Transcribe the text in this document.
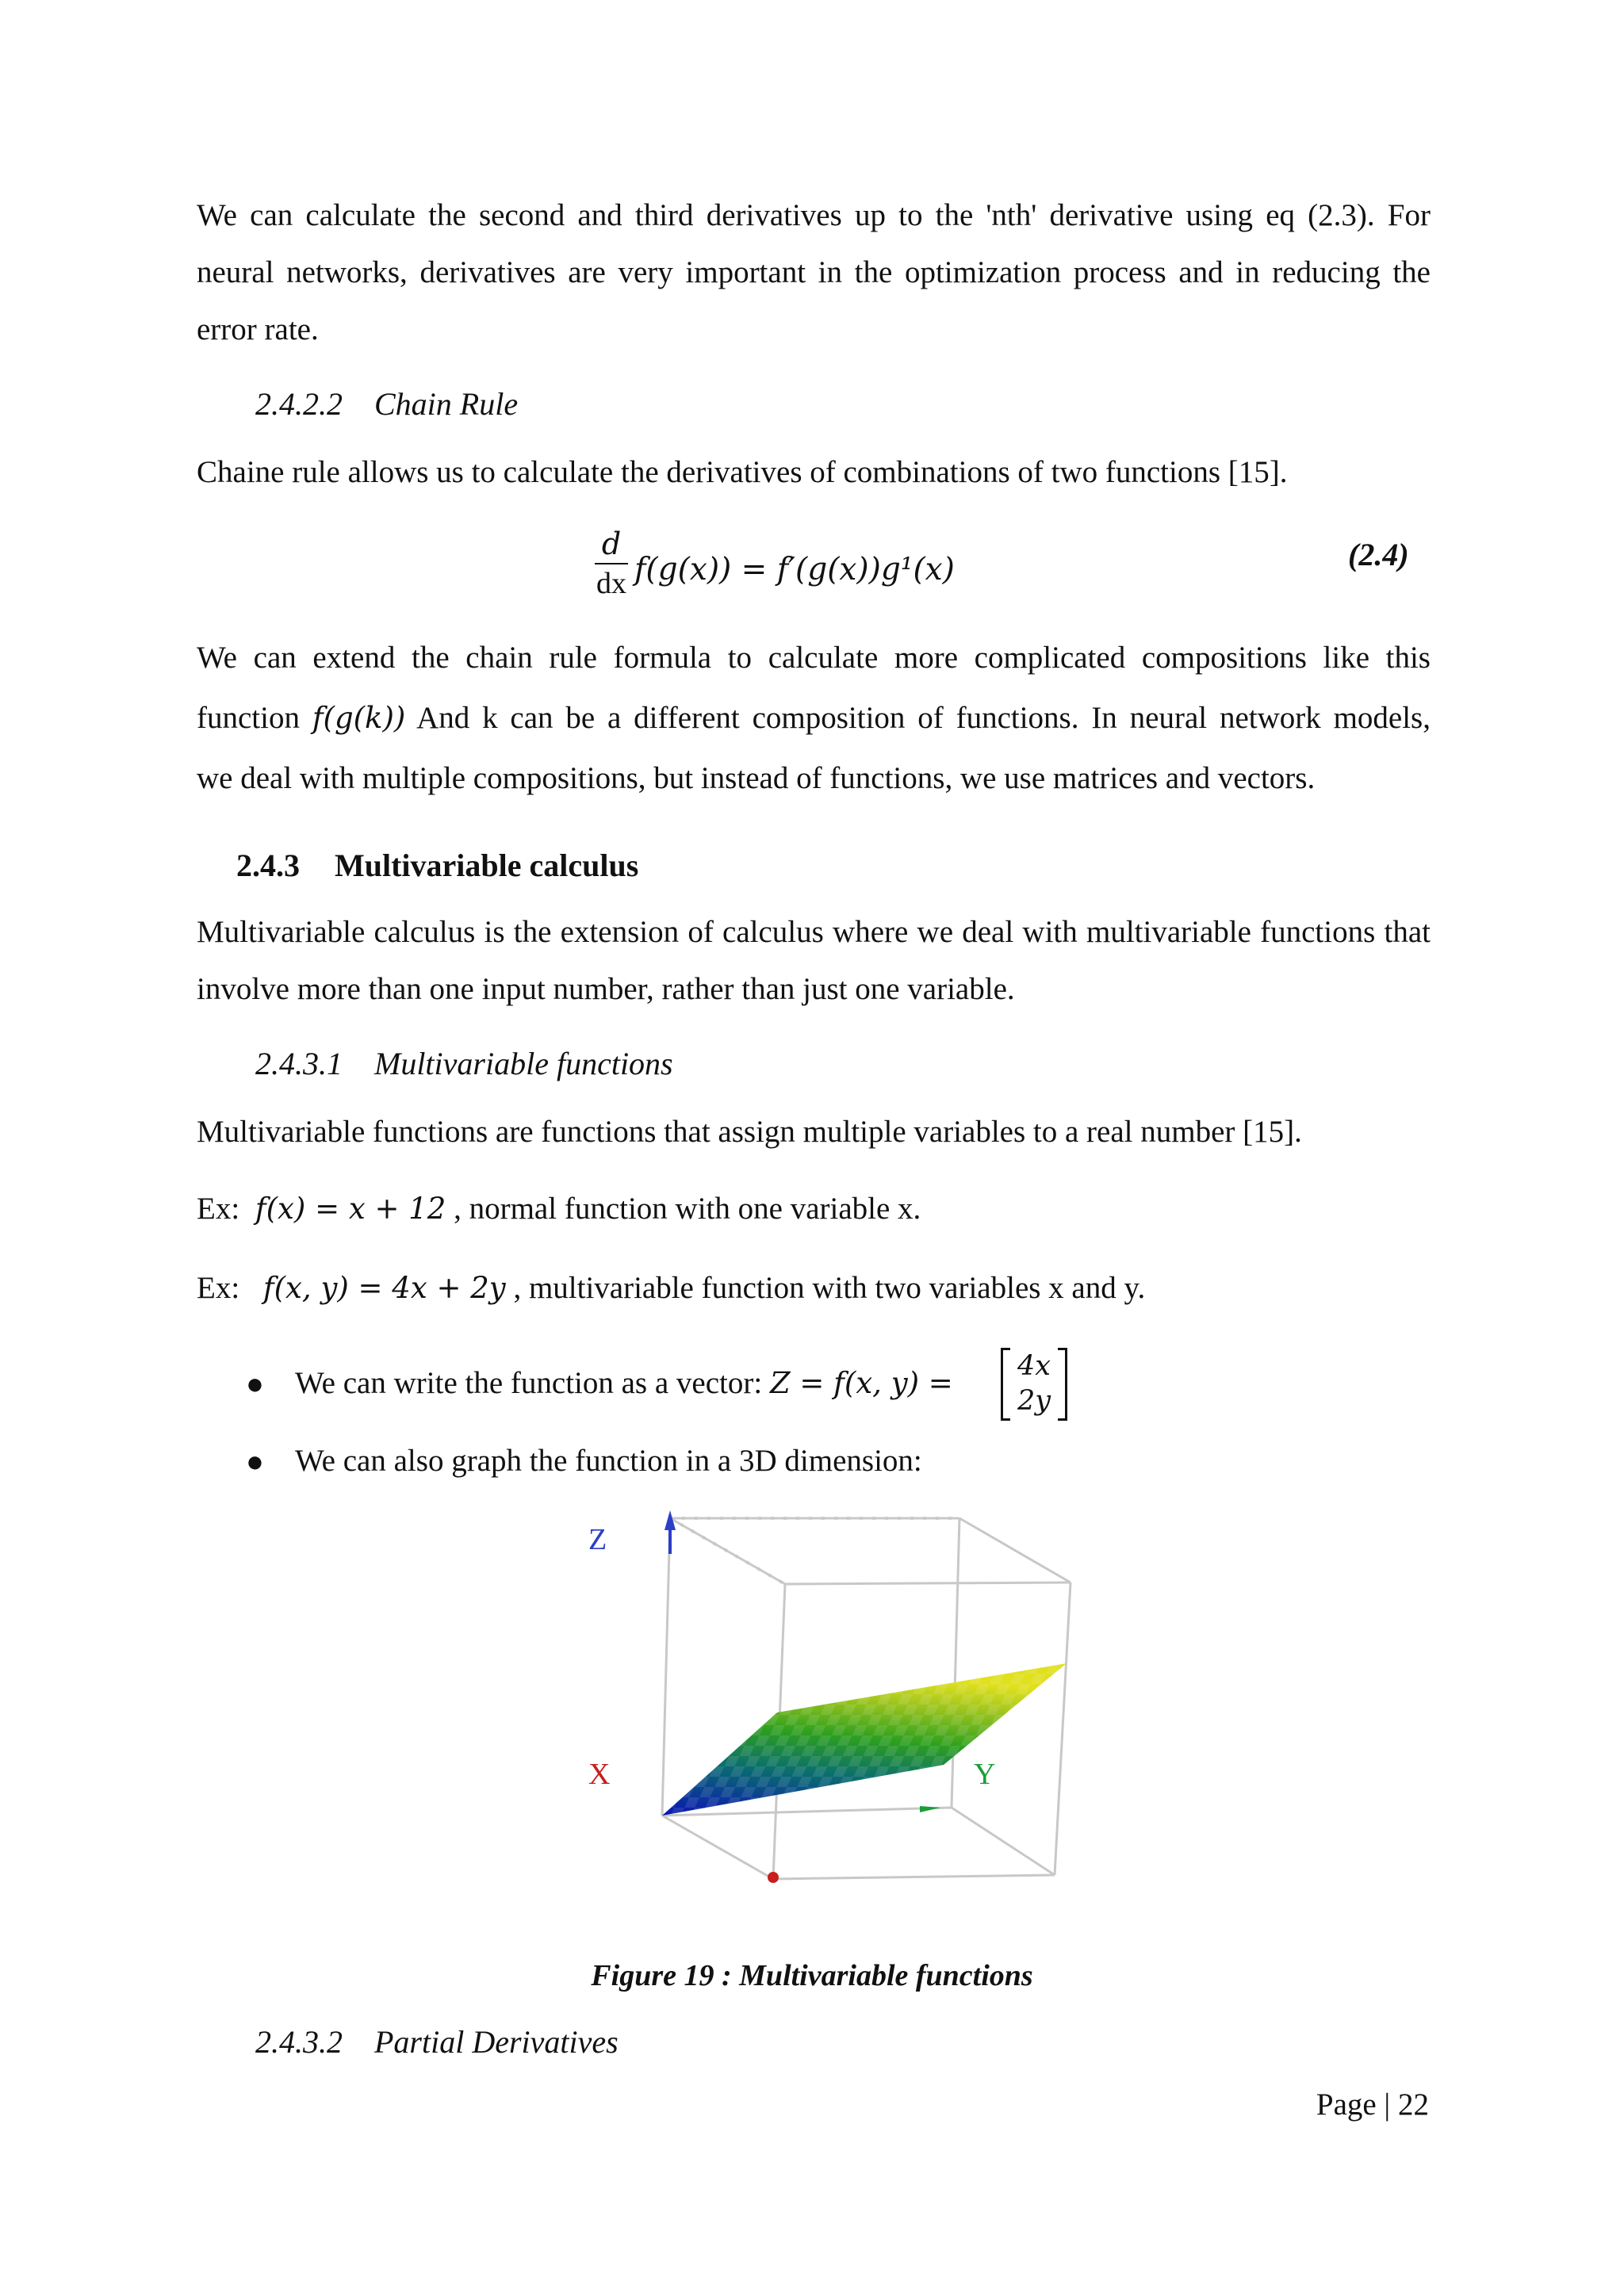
We can calculate the second and third derivatives up to the 'nth' derivative using eq (2.3). For neural networks, derivatives are very important in the optimization process and in reducing the error rate.

2.4.2.2 Chain Rule

Chaine rule allows us to calculate the derivatives of combinations of two functions [15].

d
dx f(g(x)) = f′(g(x))g¹(x)	(2.4)
We can extend the chain rule formula to calculate more complicated compositions like this
function f(g(k)) And k can be a different composition of functions. In neural network models,
we deal with multiple compositions, but instead of functions, we use matrices and vectors.
2.4.3 Multivariable calculus

Multivariable calculus is the extension of calculus where we deal with multivariable functions that involve more than one input number, rather than just one variable.

2.4.3.1 Multivariable functions

Multivariable functions are functions that assign multiple variables to a real number [15].

Ex: f(x) = x + 12 , normal function with one variable x.
Ex: f(x, y) = 4x + 2y , multivariable function with two variables x and y.
● We can write the function as a vector: Z = f(x, y) =	4x
2y
● We can also graph the function in a 3D dimension:
Z
X	Y
Figure 19 : Multivariable functions
2.4.3.2 Partial Derivatives
Page | 22
